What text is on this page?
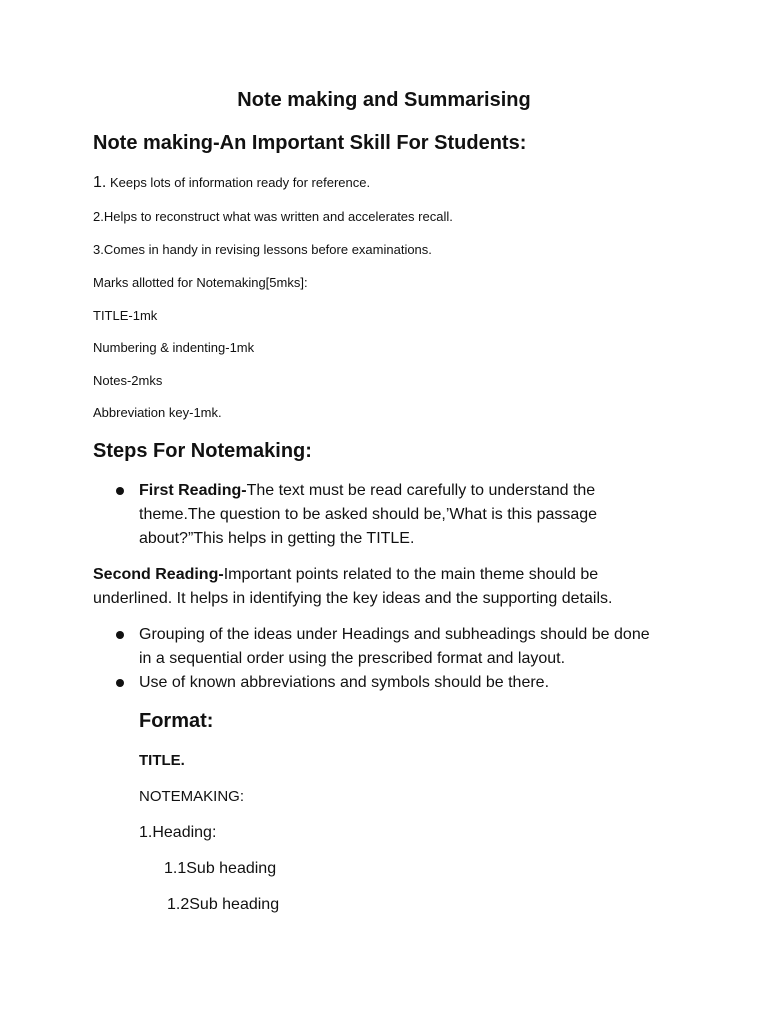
Note making and Summarising

Note making-An Important Skill For Students:

1. Keeps lots of information ready for reference.

2.Helps to reconstruct what was written and accelerates recall.

3.Comes in handy in revising lessons before examinations.

Marks allotted for Notemaking[5mks]:

TITLE-1mk

Numbering & indenting-1mk

Notes-2mks

Abbreviation key-1mk.

Steps For Notemaking:

First Reading-The text must be read carefully to understand the

theme.The question to be asked should be,’What is this passage

about?”This helps in getting the TITLE.

Second Reading-Important points related to the main theme should be

underlined. It helps in identifying the key ideas and the supporting details.

Grouping of the ideas under Headings and subheadings should be done

in a sequential order using the prescribed format and layout.

Use of known abbreviations and symbols should be there.

Format:

TITLE.

NOTEMAKING:

1.Heading:

1.1Sub heading

1.2Sub heading
